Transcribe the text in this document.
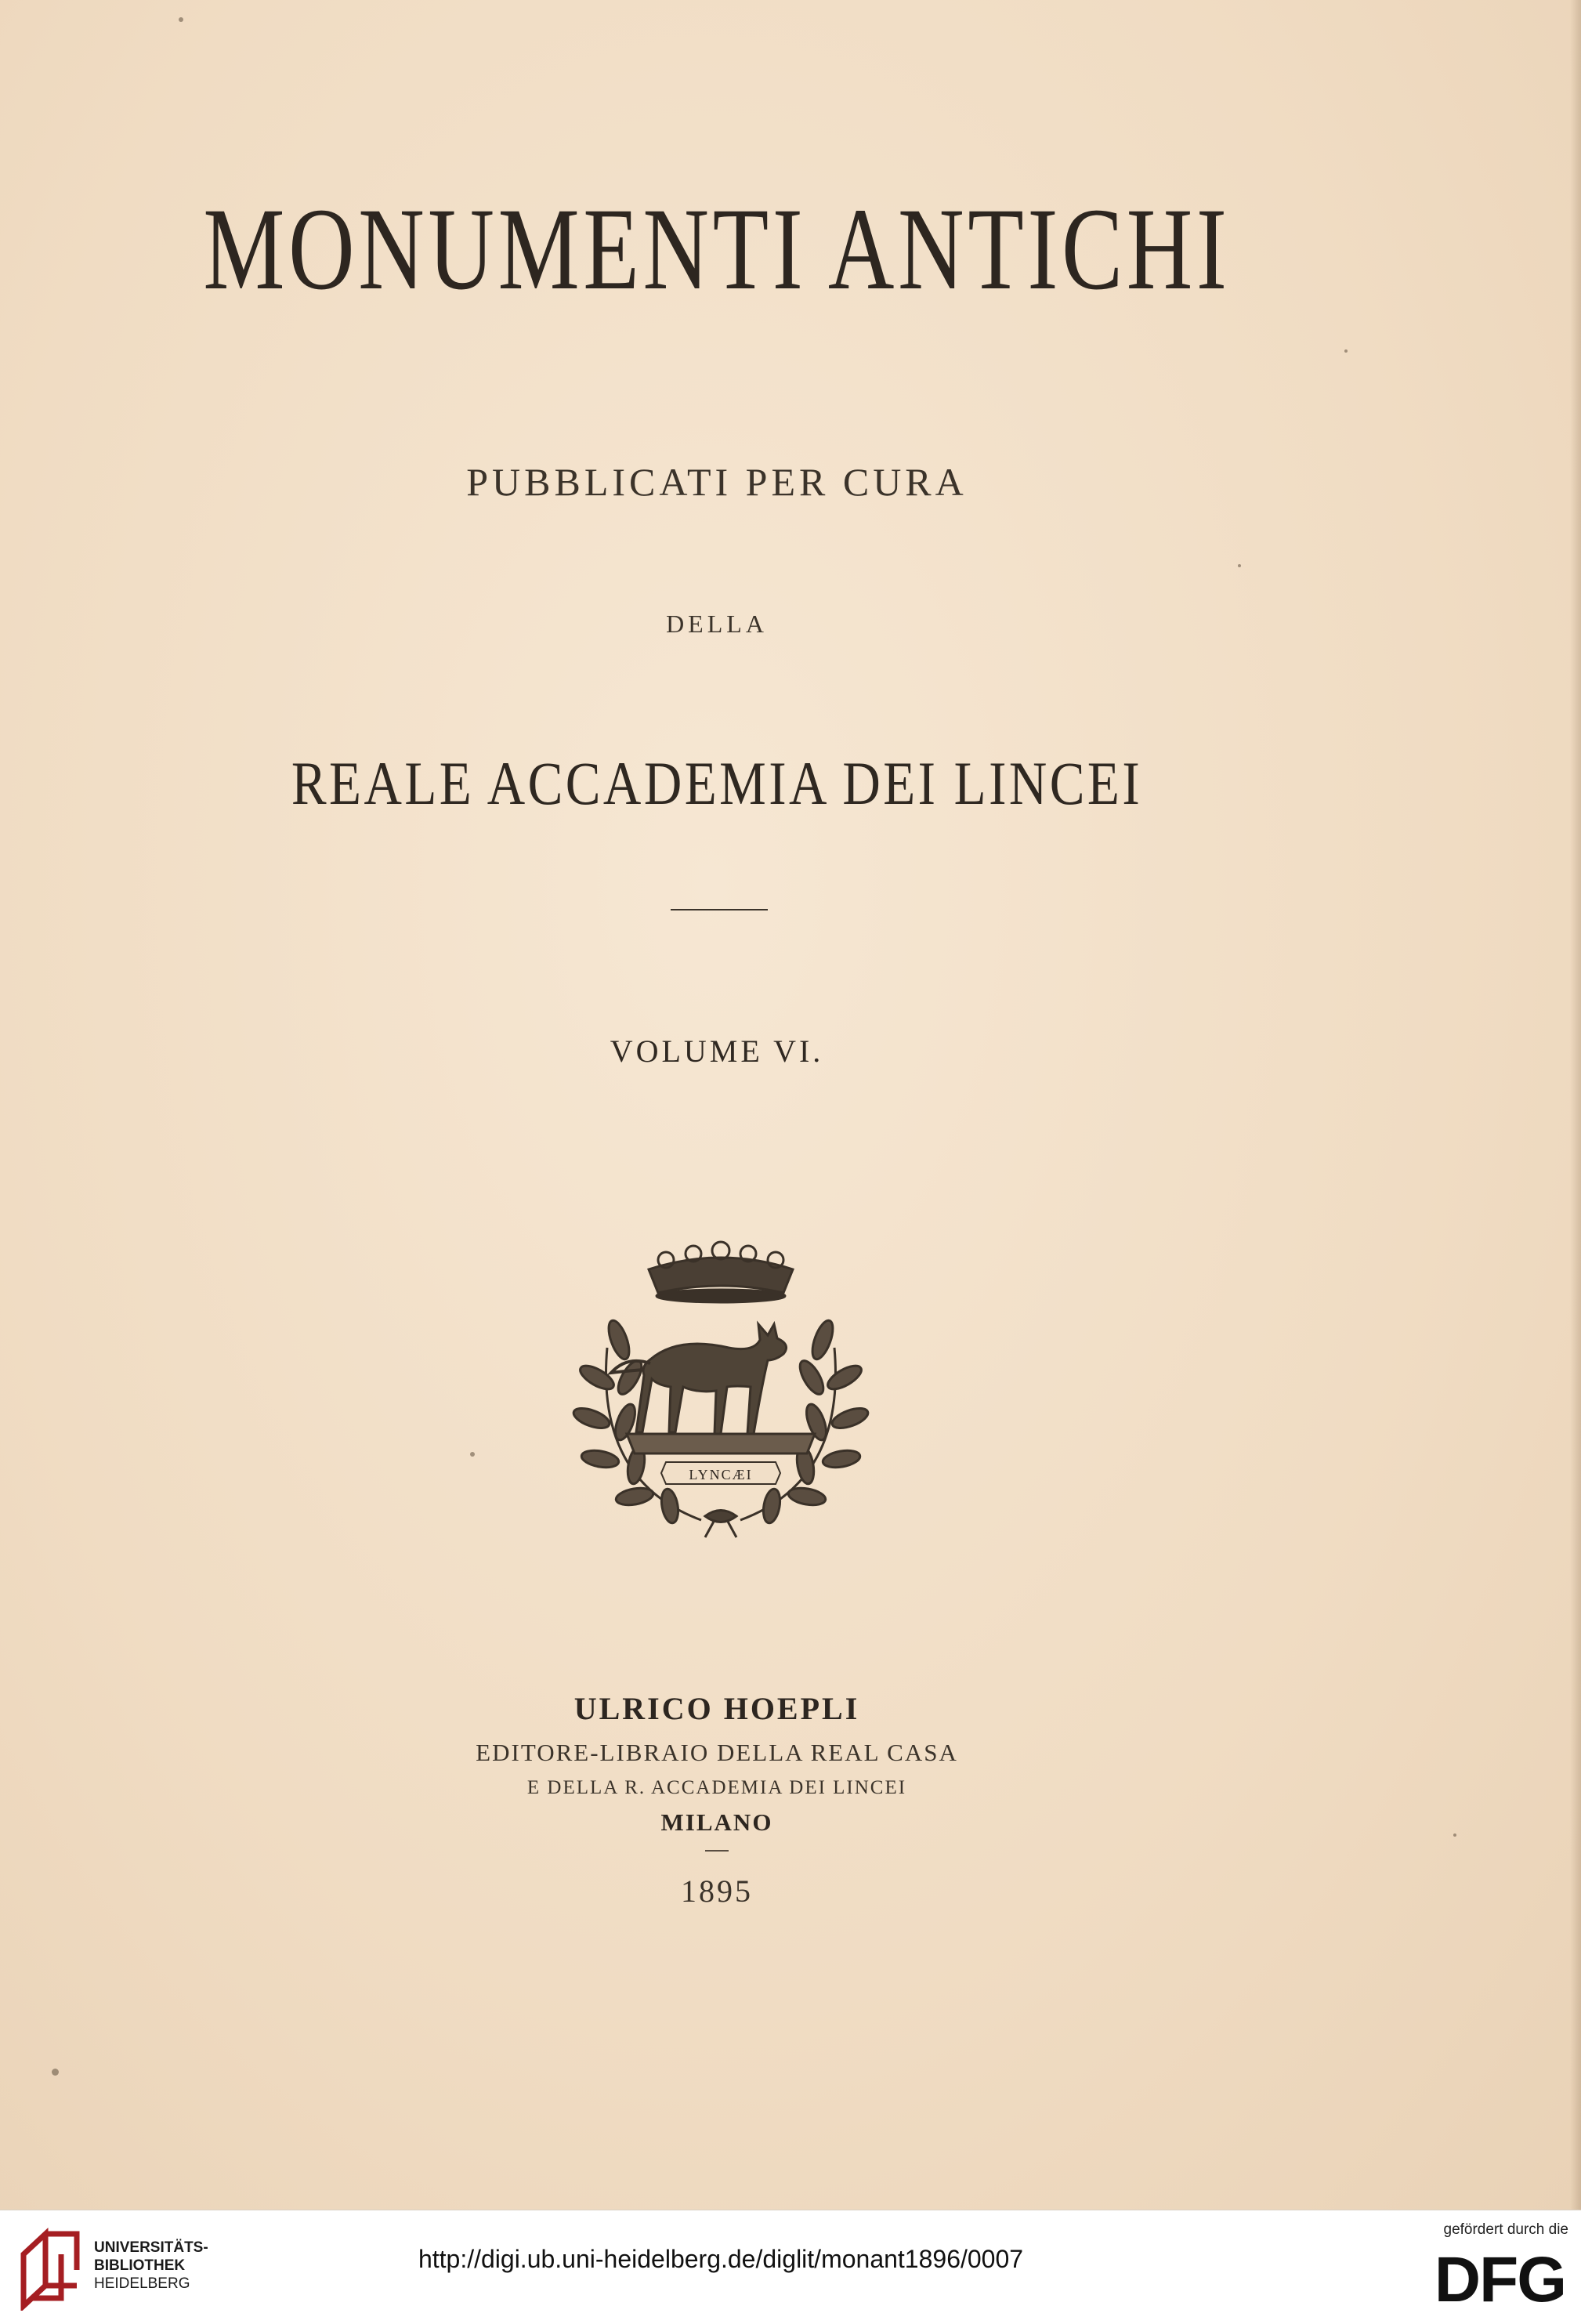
MONUMENTI ANTICHI
PUBBLICATI PER CURA
DELLA
REALE ACCADEMIA DEI LINCEI
VOLUME VI.
LYNCÆI
ULRICO HOEPLI
EDITORE-LIBRAIO DELLA REAL CASA
E DELLA R. ACCADEMIA DEI LINCEI
MILANO
1895
UNIVERSITÄTS-
BIBLIOTHEK
HEIDELBERG
http://digi.ub.uni-heidelberg.de/diglit/monant1896/0007
gefördert durch die
DFG
